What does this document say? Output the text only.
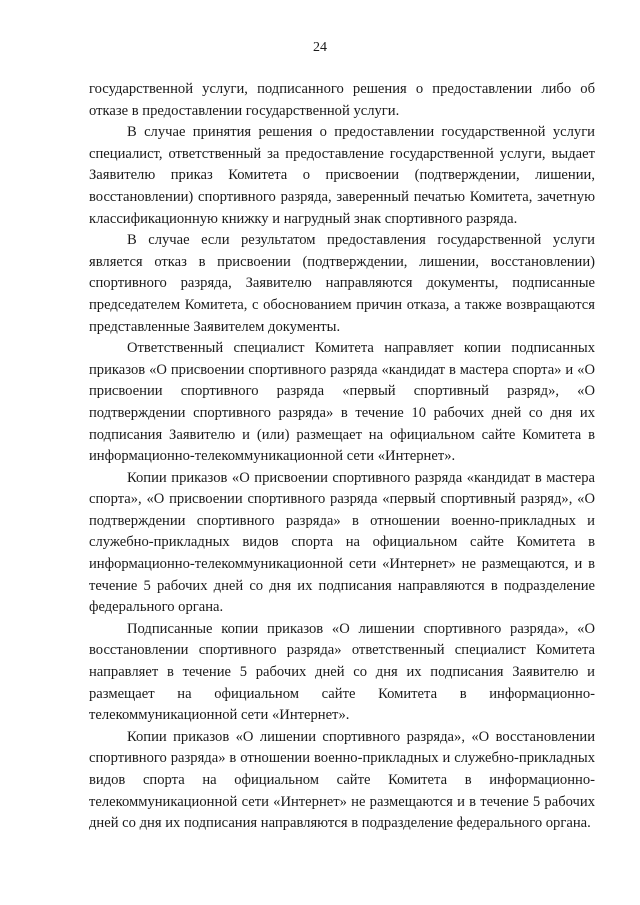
24

государственной услуги, подписанного решения о предоставлении либо об отказе в предоставлении государственной услуги.

В случае принятия решения о предоставлении государственной услуги специалист, ответственный за предоставление государственной услуги, выдает Заявителю приказ Комитета о присвоении (подтверждении, лишении, восстановлении) спортивного разряда, заверенный печатью Комитета, зачетную классификационную книжку и нагрудный знак спортивного разряда.

В случае если результатом предоставления государственной услуги является отказ в присвоении (подтверждении, лишении, восстановлении) спортивного разряда, Заявителю направляются документы, подписанные председателем Комитета, с обоснованием причин отказа, а также возвращаются представленные Заявителем документы.

Ответственный специалист Комитета направляет копии подписанных приказов «О присвоении спортивного разряда «кандидат в мастера спорта» и «О присвоении спортивного разряда «первый спортивный разряд», «О подтверждении спортивного разряда» в течение 10 рабочих дней со дня их подписания Заявителю и (или) размещает на официальном сайте Комитета в информационно-телекоммуникационной сети «Интернет».

Копии приказов «О присвоении спортивного разряда «кандидат в мастера спорта», «О присвоении спортивного разряда «первый спортивный разряд», «О подтверждении спортивного разряда» в отношении военно-прикладных и служебно-прикладных видов спорта на официальном сайте Комитета в информационно-телекоммуникационной сети «Интернет» не размещаются, и в течение 5 рабочих дней со дня их подписания направляются в подразделение федерального органа.

Подписанные копии приказов «О лишении спортивного разряда», «О восстановлении спортивного разряда» ответственный специалист Комитета направляет в течение 5 рабочих дней со дня их подписания Заявителю и размещает на официальном сайте Комитета в информационно-телекоммуникационной сети «Интернет».

Копии приказов «О лишении спортивного разряда», «О восстановлении спортивного разряда» в отношении военно-прикладных и служебно-прикладных видов спорта на официальном сайте Комитета в информационно-телекоммуникационной сети «Интернет» не размещаются и в течение 5 рабочих дней со дня их подписания направляются в подразделение федерального органа.
